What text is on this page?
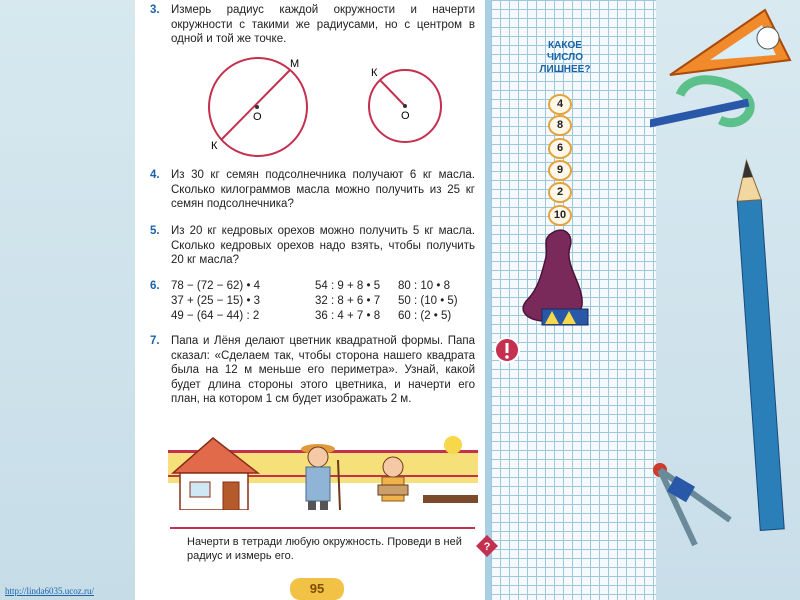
3. Измерь радиус каждой окружности и начерти окружности с такими же радиусами, но с центром в одной и той же точке.
М
К
О
К
О
4. Из 30 кг семян подсолнечника получают 6 кг масла. Сколько килограммов масла можно получить из 25 кг семян подсолнечника?
5. Из 20 кг кедровых орехов можно получить 5 кг масла. Сколько кедровых орехов надо взять, чтобы получить 20 кг масла?
6. 78 − (72 − 62) • 4
37 + (25 − 15) • 3
49 − (64 − 44) : 2
54 : 9 + 8 • 5
32 : 8 + 6 • 7
36 : 4 + 7 • 8
80 : 10 • 8
50 : (10 • 5)
60 : (2 • 5)
7. Папа и Лёня делают цветник квадратной формы. Папа сказал: «Сделаем так, чтобы сторона нашего квадрата была на 12 м меньше его периметра». Узнай, какой будет длина стороны этого цветника, и начерти его план, на котором 1 см будет изображать 2 м.
Начерти в тетради любую окружность. Проведи в ней радиус и измерь его.
?
95
http://linda6035.ucoz.ru/
КАКОЕ ЧИСЛО ЛИШНЕЕ?
4
8
6
9
2
10
